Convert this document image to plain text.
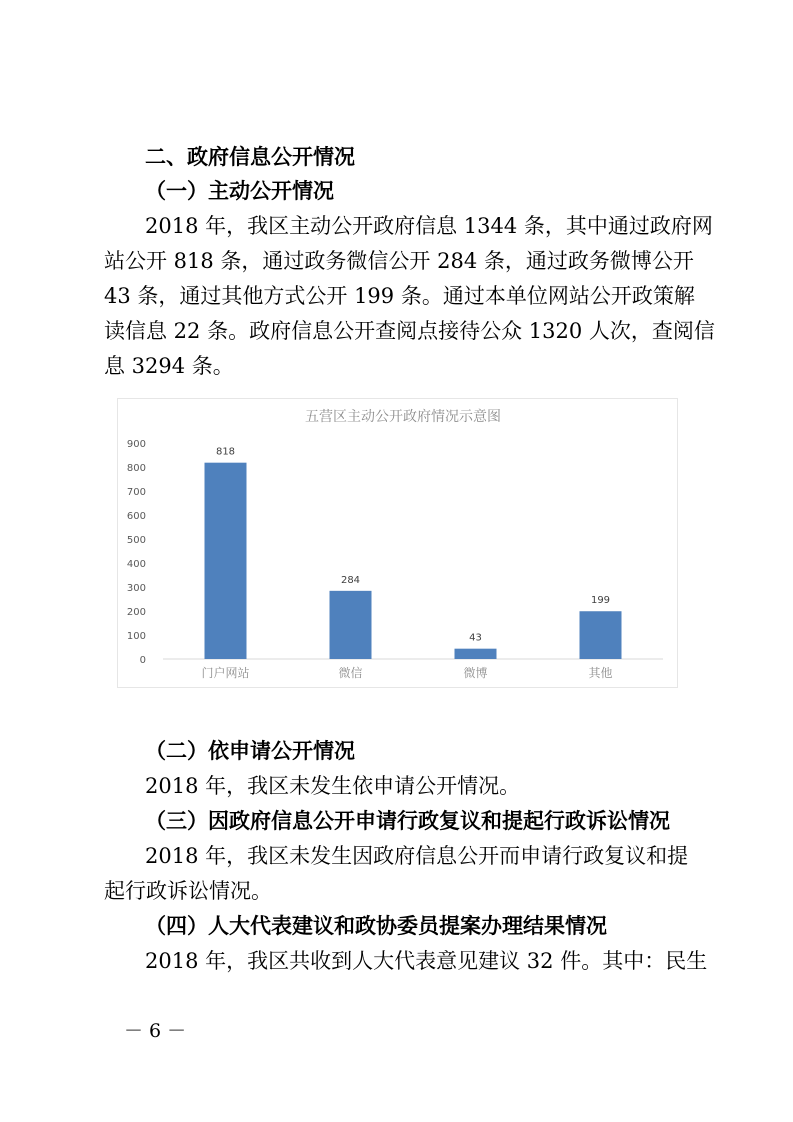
二、政府信息公开情况
（一）主动公开情况
2018 年，我区主动公开政府信息 1344 条，其中通过政府网
站公开 818 条，通过政务微信公开 284 条，通过政务微博公开
43 条，通过其他方式公开 199 条。通过本单位网站公开政策解
读信息 22 条。政府信息公开查阅点接待公众 1320 人次，查阅信
息 3294 条。
五营区主动公开政府情况示意图
0
100
200
300
400
500
600
700
800
900
818
门户网站
284
微信
43
微博
199
其他
（二）依申请公开情况
2018 年，我区未发生依申请公开情况。
（三）因政府信息公开申请行政复议和提起行政诉讼情况
2018 年，我区未发生因政府信息公开而申请行政复议和提
起行政诉讼情况。
（四）人大代表建议和政协委员提案办理结果情况
2018 年，我区共收到人大代表意见建议 32 件。其中：民生
－ 6 －
